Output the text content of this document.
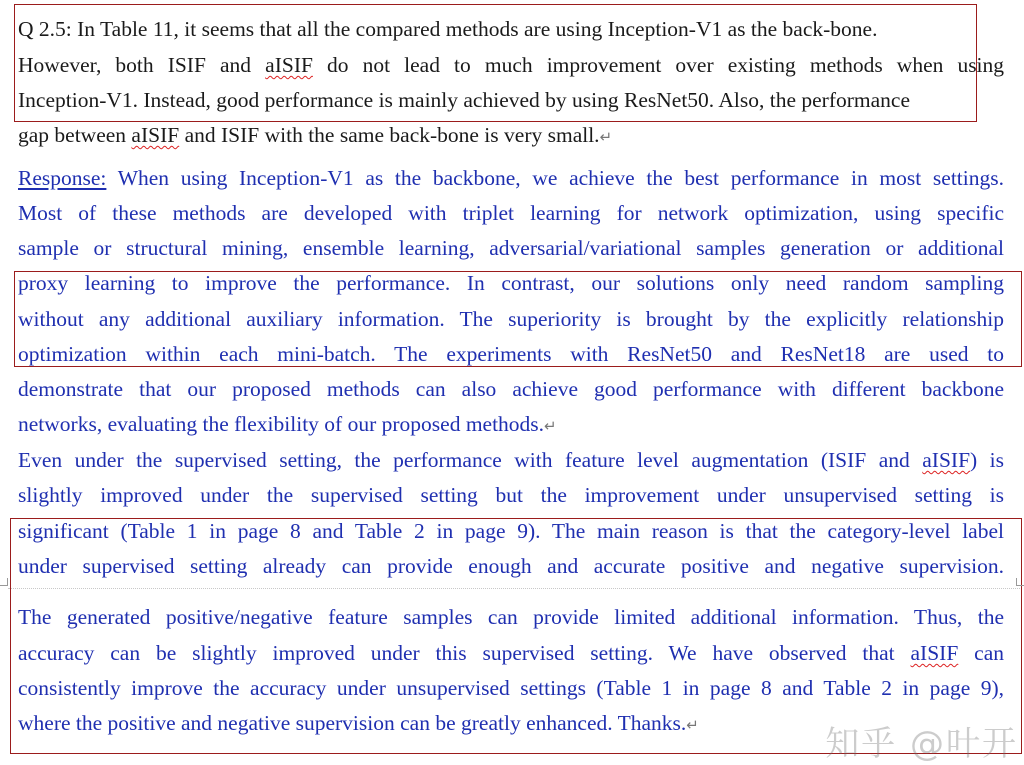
Q 2.5: In Table 11, it seems that all the compared methods are using Inception-V1 as the back-bone.
However, both ISIF and aISIF do not lead to much improvement over existing methods when using
Inception-V1. Instead, good performance is mainly achieved by using ResNet50. Also, the performance
gap between aISIF and ISIF with the same back-bone is very small.↵
Response: When using Inception-V1 as the backbone, we achieve the best performance in most settings.
Most of these methods are developed with triplet learning for network optimization, using specific
sample or structural mining, ensemble learning, adversarial/variational samples generation or additional
proxy learning to improve the performance. In contrast, our solutions only need random sampling
without any additional auxiliary information. The superiority is brought by the explicitly relationship
optimization within each mini-batch. The experiments with ResNet50 and ResNet18 are used to
demonstrate that our proposed methods can also achieve good performance with different backbone
networks, evaluating the flexibility of our proposed methods.↵
Even under the supervised setting, the performance with feature level augmentation (ISIF and aISIF) is
slightly improved under the supervised setting but the improvement under unsupervised setting is
significant (Table 1 in page 8 and Table 2 in page 9). The main reason is that the category-level label
under supervised setting already can provide enough and accurate positive and negative supervision.
The generated positive/negative feature samples can provide limited additional information. Thus, the
accuracy can be slightly improved under this supervised setting. We have observed that aISIF can
consistently improve the accuracy under unsupervised settings (Table 1 in page 8 and Table 2 in page 9),
where the positive and negative supervision can be greatly enhanced. Thanks.↵	知乎 @叶开
